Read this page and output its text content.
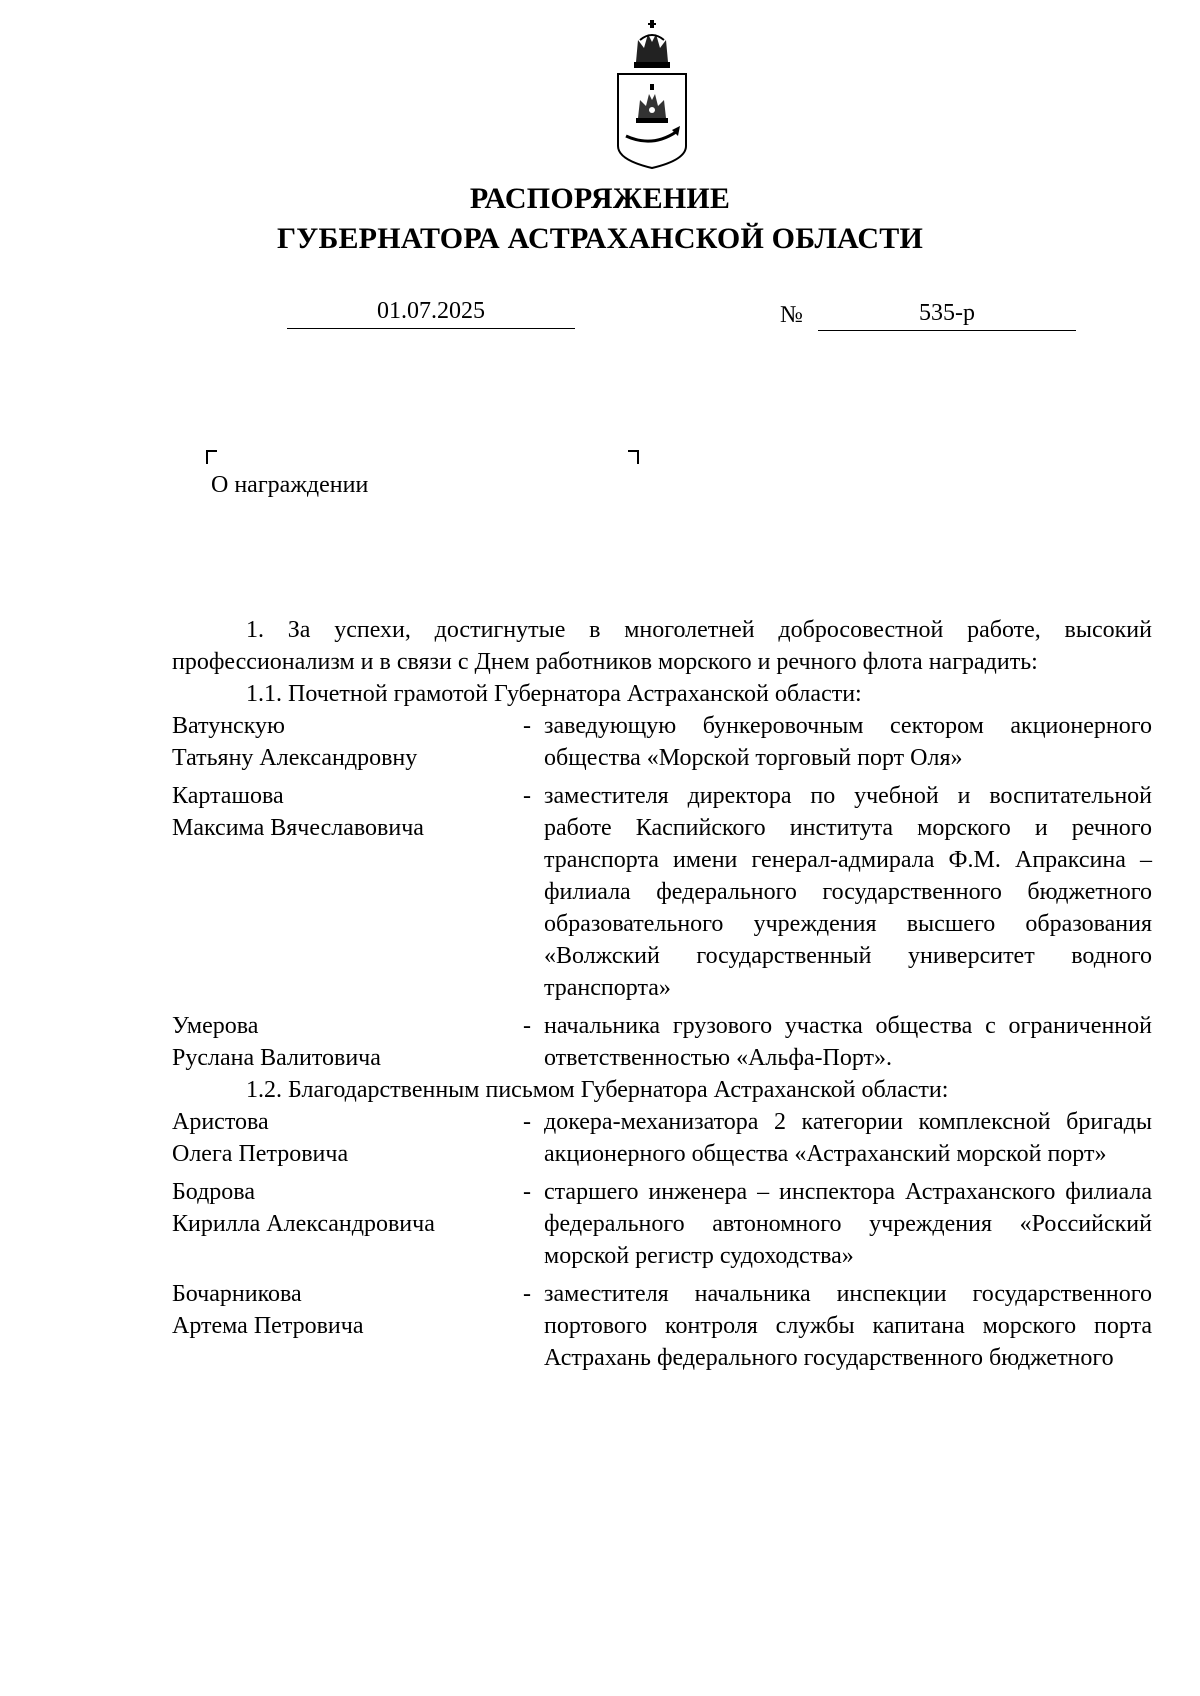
РАСПОРЯЖЕНИЕ
ГУБЕРНАТОРА АСТРАХАНСКОЙ ОБЛАСТИ
01.07.2025	№	535-р
О награждении

1. За успехи, достигнутые в многолетней добросовестной работе, высокий профессионализм и в связи с Днем работников морского и речного флота наградить:

1.1. Почетной грамотой Губернатора Астраханской области:

Ватунскую
Татьяну Александровну
- заведующую бункеровочным сектором акционерного общества «Морской торговый порт Оля»
Карташова
Максима Вячеславовича
- заместителя директора по учебной и воспитательной работе Каспийского института морского и речного транспорта имени генерал-адмирала Ф.М. Апраксина – филиала федерального государственного бюджетного образовательного учреждения высшего образования «Волжский государственный университет водного транспорта»
Умерова
Руслана Валитовича
- начальника грузового участка общества с ограниченной ответственностью «Альфа-Порт».

1.2. Благодарственным письмом Губернатора Астраханской области:

Аристова
Олега Петровича
- докера-механизатора 2 категории комплексной бригады акционерного общества «Астраханский морской порт»
Бодрова
Кирилла Александровича
- старшего инженера – инспектора Астраханского филиала федерального автономного учреждения «Российский морской регистр судоходства»
Бочарникова
Артема Петровича
- заместителя начальника инспекции государственного портового контроля службы капитана морского порта Астрахань федерального государственного бюджетного
